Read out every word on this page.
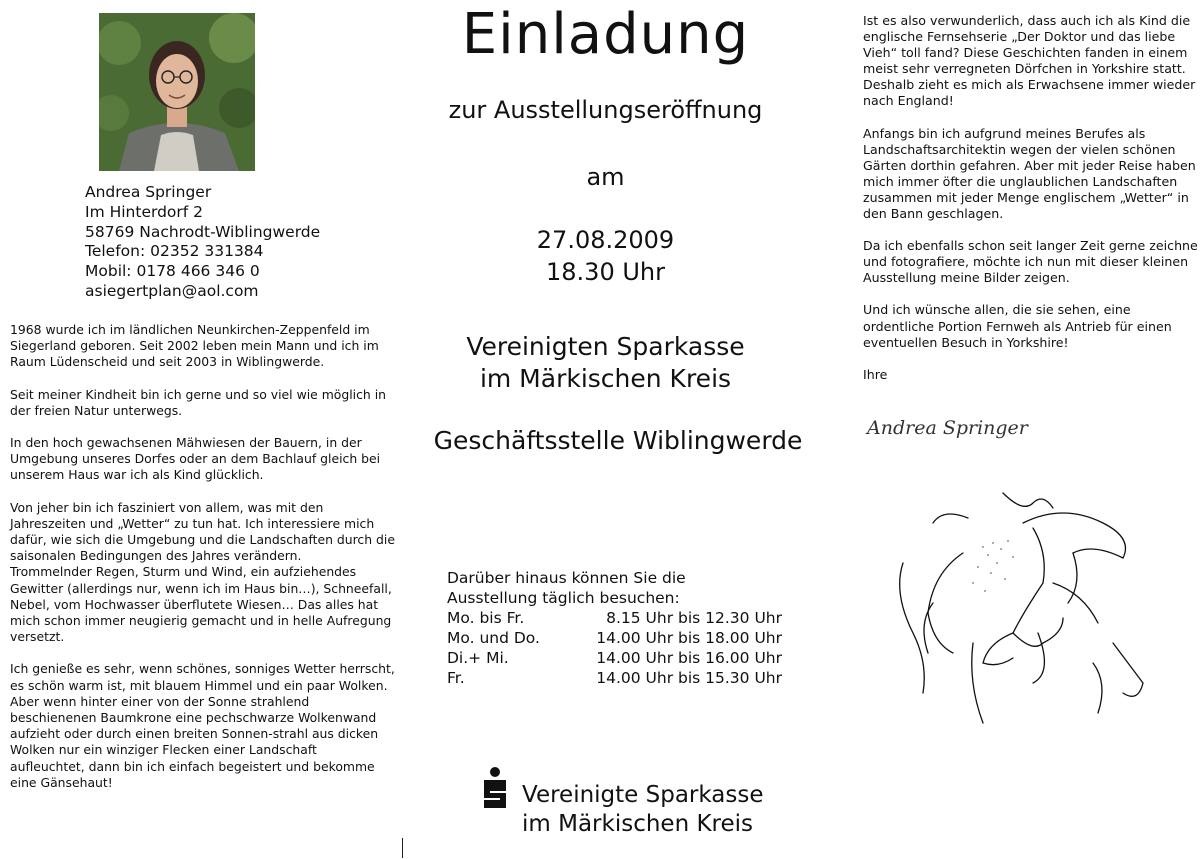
Andrea Springer
Im Hinterdorf 2
58769 Nachrodt-Wiblingwerde
Telefon: 02352 331384
Mobil: 0178 466 346 0
asiegertplan@aol.com

1968 wurde ich im ländlichen Neunkirchen-Zeppenfeld im Siegerland geboren. Seit 2002 leben mein Mann und ich im Raum Lüdenscheid und seit 2003 in Wiblingwerde.

Seit meiner Kindheit bin ich gerne und so viel wie möglich in der freien Natur unterwegs.

In den hoch gewachsenen Mähwiesen der Bauern, in der Umgebung unseres Dorfes oder an dem Bachlauf gleich bei unserem Haus war ich als Kind glücklich.

Von jeher bin ich fasziniert von allem, was mit den Jahreszeiten und „Wetter“ zu tun hat. Ich interessiere mich dafür, wie sich die Umgebung und die Landschaften durch die saisonalen Bedingungen des Jahres verändern.

Trommelnder Regen, Sturm und Wind, ein aufziehendes Gewitter (allerdings nur, wenn ich im Haus bin…), Schneefall, Nebel, vom Hochwasser überflutete Wiesen… Das alles hat mich schon immer neugierig gemacht und in helle Aufregung versetzt.

Ich genieße es sehr, wenn schönes, sonniges Wetter herrscht, es schön warm ist, mit blauem Himmel und ein paar Wolken.

Aber wenn hinter einer von der Sonne strahlend beschienenen Baumkrone eine pechschwarze Wolkenwand aufzieht oder durch einen breiten Sonnen-strahl aus dicken Wolken nur ein winziger Flecken einer Landschaft aufleuchtet, dann bin ich einfach begeistert und bekomme eine Gänsehaut!

Einladung
zur Ausstellungseröffnung
am
27.08.2009
18.30 Uhr
Vereinigten Sparkasse
im Märkischen Kreis
Geschäftsstelle Wiblingwerde
Darüber hinaus können Sie die
Ausstellung täglich besuchen:
Mo. bis Fr.	8.15 Uhr bis 12.30 Uhr
Mo. und Do.	14.00 Uhr bis 18.00 Uhr
Di.+ Mi.	14.00 Uhr bis 16.00 Uhr
Fr.	14.00 Uhr bis 15.30 Uhr
Vereinigte Sparkasse
im Märkischen Kreis

Ist es also verwunderlich, dass auch ich als Kind die englische Fernsehserie „Der Doktor und das liebe Vieh“ toll fand? Diese Geschichten fanden in einem meist sehr verregneten Dörfchen in Yorkshire statt. Deshalb zieht es mich als Erwachsene immer wieder nach England!

Anfangs bin ich aufgrund meines Berufes als Landschaftsarchitektin wegen der vielen schönen Gärten dorthin gefahren. Aber mit jeder Reise haben mich immer öfter die unglaublichen Landschaften zusammen mit jeder Menge englischem „Wetter“ in den Bann geschlagen.

Da ich ebenfalls schon seit langer Zeit gerne zeichne und fotografiere, möchte ich nun mit dieser kleinen Ausstellung meine Bilder zeigen.

Und ich wünsche allen, die sie sehen, eine ordentliche Portion Fernweh als Antrieb für einen eventuellen Besuch in Yorkshire!

Ihre

Andrea Springer
